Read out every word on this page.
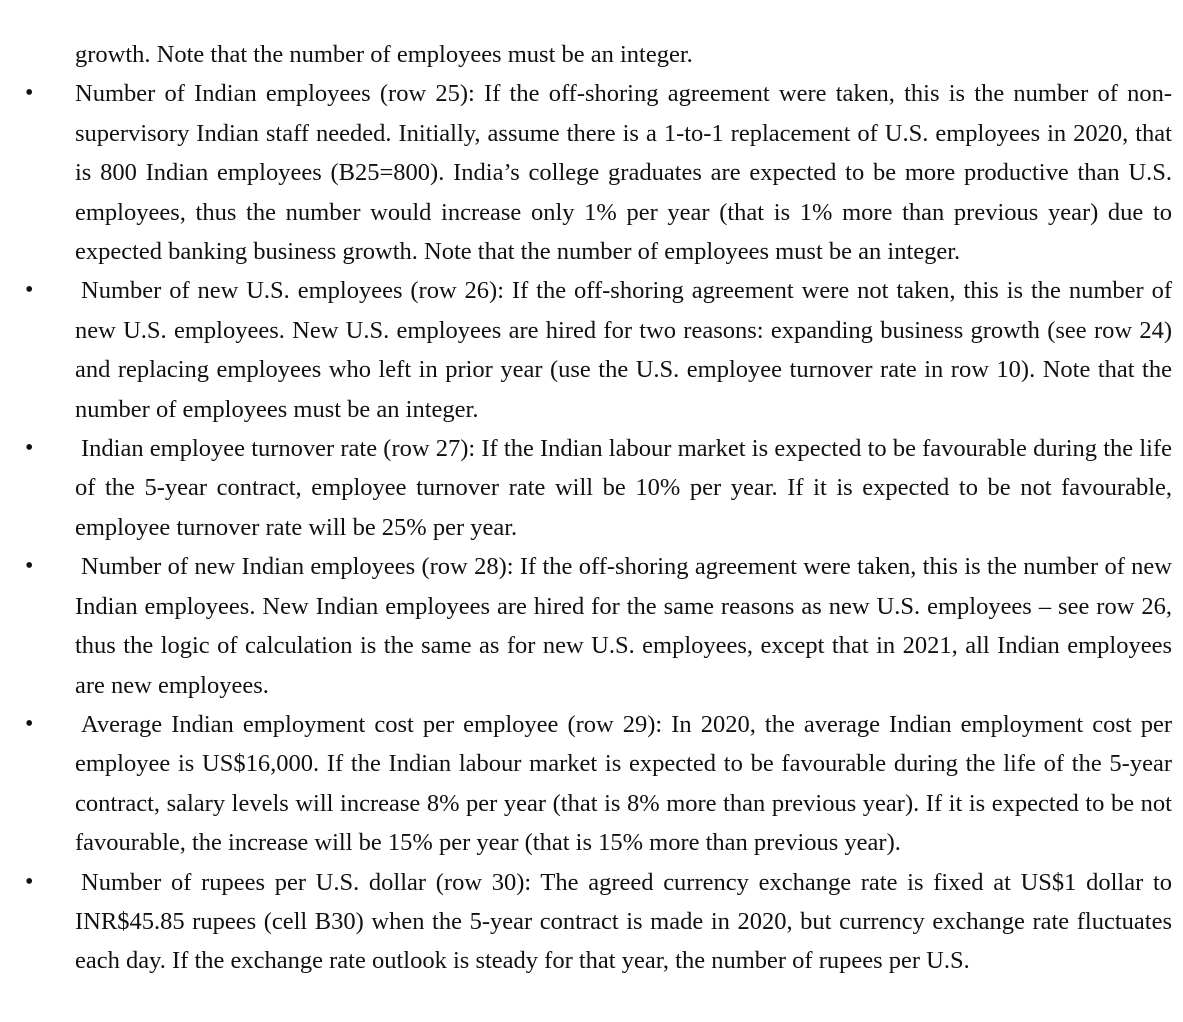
growth. Note that the number of employees must be an integer.
•	Number of Indian employees (row 25): If the off-shoring agreement were taken, this is the number of non-supervisory Indian staff needed. Initially, assume there is a 1-to-1 replacement of U.S. employees in 2020, that is 800 Indian employees (B25=800). India’s college graduates are expected to be more productive than U.S. employees, thus the number would increase only 1% per year (that is 1% more than previous year) due to expected banking business growth. Note that the number of employees must be an integer.
•	Number of new U.S. employees (row 26): If the off-shoring agreement were not taken, this is the number of new U.S. employees. New U.S. employees are hired for two reasons: expanding business growth (see row 24) and replacing employees who left in prior year (use the U.S. employee turnover rate in row 10). Note that the number of employees must be an integer.
•	Indian employee turnover rate (row 27): If the Indian labour market is expected to be favourable during the life of the 5-year contract, employee turnover rate will be 10% per year. If it is expected to be not favourable, employee turnover rate will be 25% per year.
•	Number of new Indian employees (row 28): If the off-shoring agreement were taken, this is the number of new Indian employees. New Indian employees are hired for the same reasons as new U.S. employees – see row 26, thus the logic of calculation is the same as for new U.S. employees, except that in 2021, all Indian employees are new employees.
•	Average Indian employment cost per employee (row 29): In 2020, the average Indian employment cost per employee is US$16,000. If the Indian labour market is expected to be favourable during the life of the 5-year contract, salary levels will increase 8% per year (that is 8% more than previous year). If it is expected to be not favourable, the increase will be 15% per year (that is 15% more than previous year).
•	Number of rupees per U.S. dollar (row 30): The agreed currency exchange rate is fixed at US$1 dollar to INR$45.85 rupees (cell B30) when the 5-year contract is made in 2020, but currency exchange rate fluctuates each day. If the exchange rate outlook is steady for that year, the number of rupees per U.S.
